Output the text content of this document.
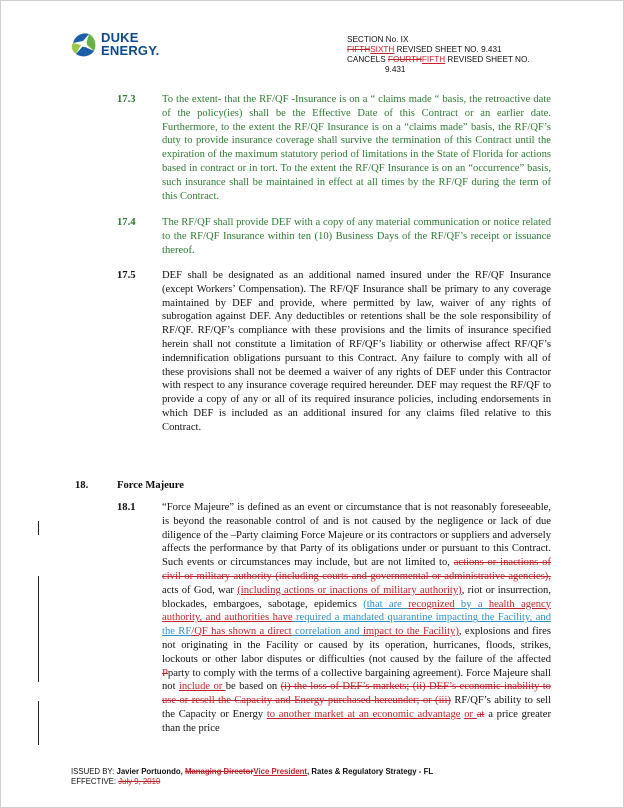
DUKE
ENERGY.
SECTION No. IX
FIFTHSIXTH REVISED SHEET NO. 9.431
CANCELS FOURTHFIFTH REVISED SHEET NO.
9.431
17.3 To the extent- that the RF/QF -Insurance is on a “ claims made “ basis, the retroactive date of the policy(ies) shall be the Effective Date of this Contract or an earlier date. Furthermore, to the extent the RF/QF Insurance is on a “claims made” basis, the RF/QF’s duty to provide insurance coverage shall survive the termination of this Contract until the expiration of the maximum statutory period of limitations in the State of Florida for actions based in contract or in tort. To the extent the RF/QF Insurance is on an “occurrence” basis, such insurance shall be maintained in effect at all times by the RF/QF during the term of this Contract.
17.4 The RF/QF shall provide DEF with a copy of any material communication or notice related to the RF/QF Insurance within ten (10) Business Days of the RF/QF’s receipt or issuance thereof.
17.5 DEF shall be designated as an additional named insured under the RF/QF Insurance (except Workers’ Compensation). The RF/QF Insurance shall be primary to any coverage maintained by DEF and provide, where permitted by law, waiver of any rights of subrogation against DEF. Any deductibles or retentions shall be the sole responsibility of RF/QF. RF/QF’s compliance with these provisions and the limits of insurance specified herein shall not constitute a limitation of RF/QF’s liability or otherwise affect RF/QF’s indemnification obligations pursuant to this Contract. Any failure to comply with all of these provisions shall not be deemed a waiver of any rights of DEF under this Contractor with respect to any insurance coverage required hereunder. DEF may request the RF/QF to provide a copy of any or all of its required insurance policies, including endorsements in which DEF is included as an additional insured for any claims filed relative to this Contract.
18.	Force Majeure
18.1 “Force Majeure” is defined as an event or circumstance that is not reasonably foreseeable, is beyond the reasonable control of and is not caused by the negligence or lack of due diligence of the –Party claiming Force Majeure or its contractors or suppliers and adversely affects the performance by that Party of its obligations under or pursuant to this Contract. Such events or circumstances may include, but are not limited to, actions or inactions of civil or military authority (including courts and governmental or administrative agencies), acts of God, war (including actions or inactions of military authority), riot or insurrection, blockades, embargoes, sabotage, epidemics (that are recognized by a health agency authority, and authorities have required a mandated quarantine impacting the Facility, and the RF/QF has shown a direct correlation and impact to the Facility), explosions and fires not originating in the Facility or caused by its operation, hurricanes, floods, strikes, lockouts or other labor disputes or difficulties (not caused by the failure of the affected Pparty to comply with the terms of a collective bargaining agreement). Force Majeure shall not include or be based on (i) the loss of DEF’s markets; (ii) DEF’s economic inability to use or resell the Capacity and Energy purchased hereunder; or (iii) RF/QF’s ability to sell the Capacity or Energy to another market at an economic advantage or at a price greater than the price
ISSUED BY: Javier Portuondo, Managing DirectorVice President, Rates & Regulatory Strategy - FL
EFFECTIVE: July 9, 2010
